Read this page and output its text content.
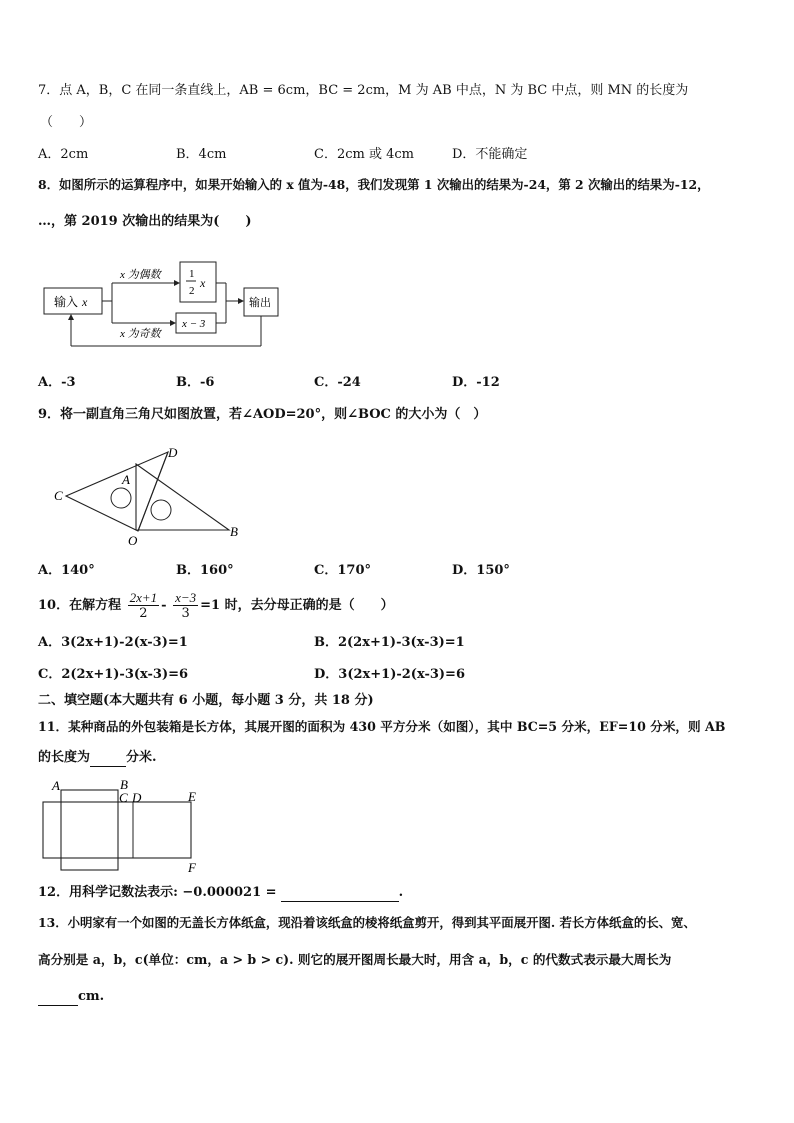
7．点 A，B，C 在同一条直线上，AB = 6cm，BC = 2cm，M 为 AB 中点，N 为 BC 中点，则 MN 的长度为
（　　）
A．2cm	B．4cm	C．2cm 或 4cm	D．不能确定
8．如图所示的运算程序中，如果开始输入的 x 值为-48，我们发现第 1 次输出的结果为-24，第 2 次输出的结果为-12，
…，第 2019 次输出的结果为(　　)
输入 x
x 为偶数
x 为奇数
1
2
x
x − 3
输出
A．-3	B．-6	C．-24	D．-12
9．将一副直角三角尺如图放置，若∠AOD=20°，则∠BOC 的大小为（　）
C
A
D
O
B
A．140°	B．160°	C．170°	D．150°
10．在解方程 $\frac{2x+1}{2} - \frac{x-3}{3} =1$ 时，去分母正确的是（　　）
A．3(2x+1)-2(x-3)=1	B．2(2x+1)-3(x-3)=1
C．2(2x+1)-3(x-3)=6	D．3(2x+1)-2(x-3)=6
二、填空题(本大题共有 6 小题，每小题 3 分，共 18 分)
11．某种商品的外包装箱是长方体，其展开图的面积为 430 平方分米（如图），其中 BC=5 分米，EF=10 分米，则 AB
的长度为	分米.
A	B
C D	E
F
12．用科学记数法表示: −0.000021 =	.
13．小明家有一个如图的无盖长方体纸盒，现沿着该纸盒的棱将纸盒剪开，得到其平面展开图. 若长方体纸盒的长、宽、
高分别是 a，b，c(单位：cm，a > b > c). 则它的展开图周长最大时，用含 a，b，c 的代数式表示最大周长为
cm.
